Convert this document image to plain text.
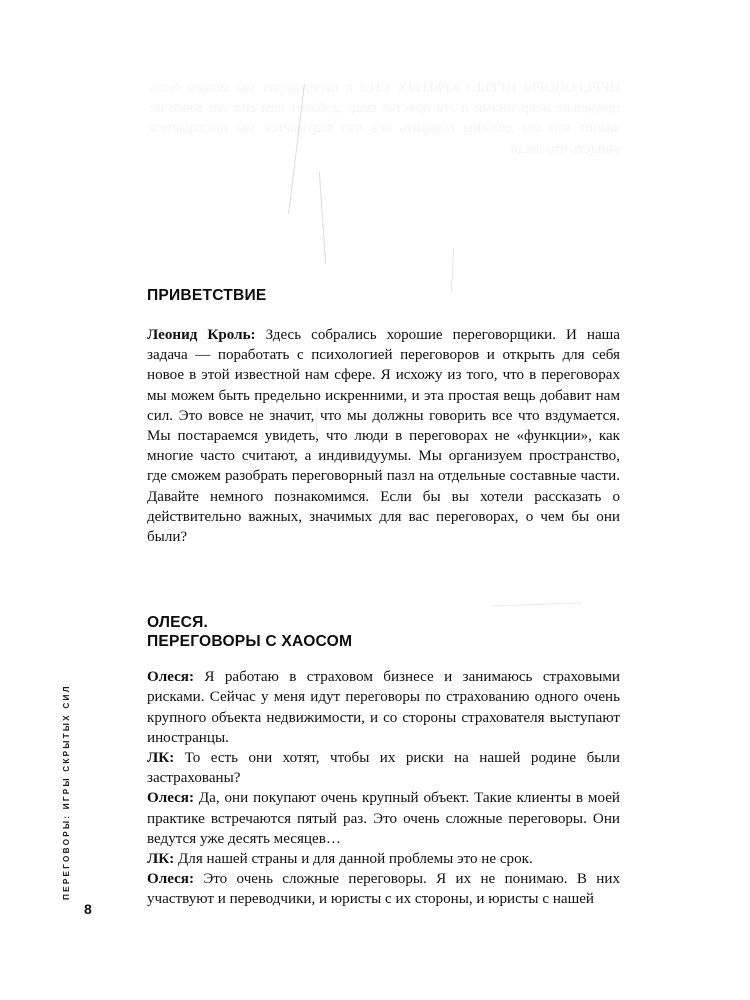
ПЕРЕГОВОРЫ ИГРЫ СКРЫТЫХ СИЛ в переговорах мы можем быть предельно искренними и эта простая вещь добавит нам сил это вовсе не значит что мы должны говорить все что вздумается мы постараемся увидеть что люди
ПЕРЕГОВОРЫ: ИГРЫ СКРЫТЫХ СИЛ
8
ПРИВЕТСТВИЕ

Леонид Кроль: Здесь собрались хорошие переговорщики. И наша задача — поработать с психологией переговоров и открыть для себя новое в этой известной нам сфере. Я исхожу из того, что в переговорах мы можем быть предельно искренними, и эта простая вещь добавит нам сил. Это вовсе не значит, что мы должны говорить все что вздумается. Мы постараемся увидеть, что люди в переговорах не «функции», как многие часто считают, а индивидуумы. Мы организуем пространство, где сможем разобрать переговорный пазл на отдельные составные части. Давайте немного познакомимся. Если бы вы хотели рассказать о действительно важных, значимых для вас переговорах, о чем бы они были?

ОЛЕСЯ.
ПЕРЕГОВОРЫ С ХАОСОМ

Олеся: Я работаю в страховом бизнесе и занимаюсь страховыми рисками. Сейчас у меня идут переговоры по страхованию одного очень крупного объекта недвижимости, и со стороны страхователя выступают иностранцы.

ЛК: То есть они хотят, чтобы их риски на нашей родине были застрахованы?

Олеся: Да, они покупают очень крупный объект. Такие клиенты в моей практике встречаются пятый раз. Это очень сложные переговоры. Они ведутся уже десять месяцев…

ЛК: Для нашей страны и для данной проблемы это не срок.

Олеся: Это очень сложные переговоры. Я их не понимаю. В них участвуют и переводчики, и юристы с их стороны, и юристы с нашей
